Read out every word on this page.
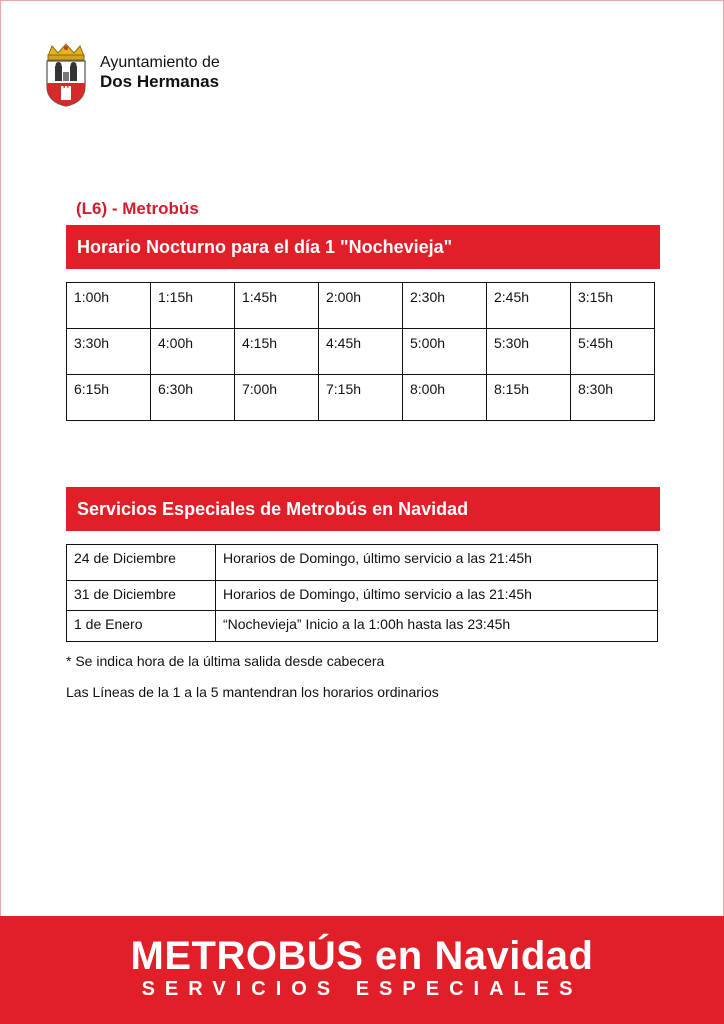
Ayuntamiento de
Dos Hermanas
(L6) - Metrobús
Horario Nocturno para el día 1 "Nochevieja"
1:00h	1:15h	1:45h	2:00h	2:30h	2:45h	3:15h
3:30h	4:00h	4:15h	4:45h	5:00h	5:30h	5:45h
6:15h	6:30h	7:00h	7:15h	8:00h	8:15h	8:30h
Servicios Especiales de Metrobús en Navidad
24 de Diciembre	Horarios de Domingo, último servicio a las 21:45h
31 de Diciembre	Horarios de Domingo, último servicio a las 21:45h
1 de Enero	“Nochevieja” Inicio a la 1:00h hasta las 23:45h
* Se indica hora de la última salida desde cabecera
Las Líneas de la 1 a la 5 mantendran los horarios ordinarios
METROBÚS en Navidad
SERVICIOS ESPECIALES
